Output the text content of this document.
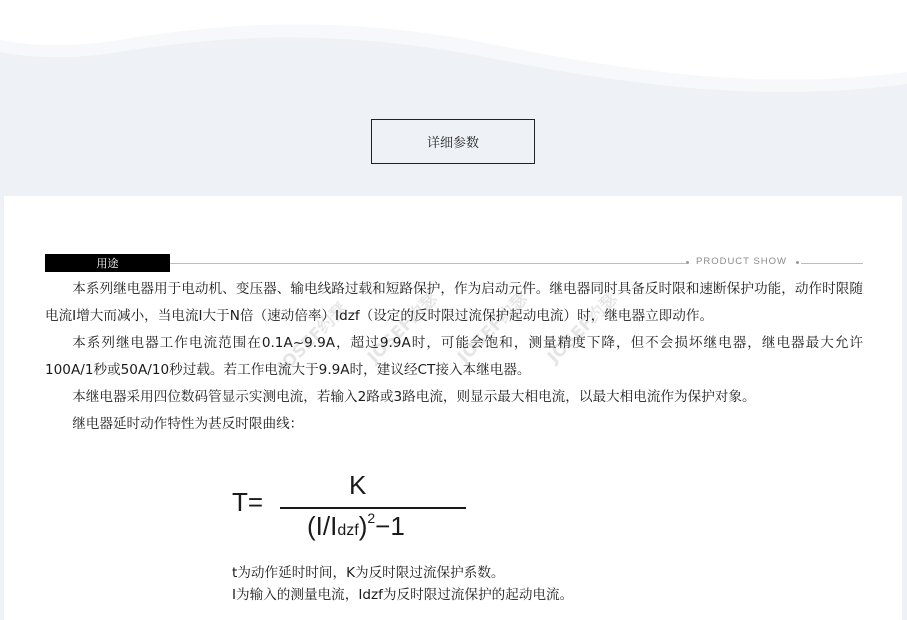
详细参数
用途	PRODUCT SHOW

本系列继电器用于电动机、变压器、输电线路过载和短路保护，作为启动元件。继电器同时具备反时限和速断保护功能，动作时限随电流I增大而减小，当电流I大于N倍（速动倍率）Idzf（设定的反时限过流保护起动电流）时，继电器立即动作。

本系列继电器工作电流范围在0.1A~9.9A，超过9.9A时，可能会饱和，测量精度下降，但不会损坏继电器，继电器最大允许100A/1秒或50A/10秒过载。若工作电流大于9.9A时，建议经CT接入本继电器。

本继电器采用四位数码管显示实测电流，若输入2路或3路电流，则显示最大相电流，以最大相电流作为保护对象。

继电器延时动作特性为甚反时限曲线：

T=
K
(I/Idzf)$^2$−1
t为动作延时时间，K为反时限过流保护系数。
I为输入的测量电流，Idzf为反时限过流保护的起动电流。
JOSEF约瑟 JOSEF约瑟 JOSEF约瑟 JOSEF约瑟
